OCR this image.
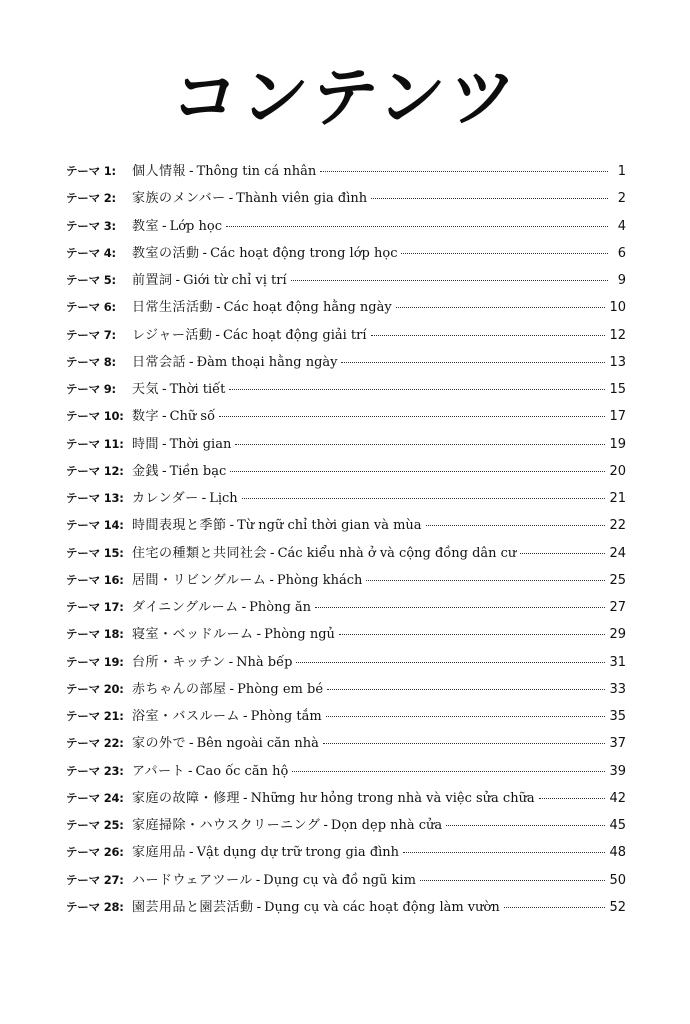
コンテンツ
テーマ 1:	個人情報 - Thông tin cá nhân	1
テーマ 2:	家族のメンバー - Thành viên gia đình	2
テーマ 3:	教室 - Lớp học	4
テーマ 4:	教室の活動 - Các hoạt động trong lớp học	6
テーマ 5:	前置詞 - Giới từ chỉ vị trí	9
テーマ 6:	日常生活活動 - Các hoạt động hằng ngày	10
テーマ 7:	レジャー活動 - Các hoạt động giải trí	12
テーマ 8:	日常会話 - Đàm thoại hằng ngày	13
テーマ 9:	天気 - Thời tiết	15
テーマ 10: 数字 - Chữ số	17
テーマ 11: 時間 - Thời gian	19
テーマ 12: 金銭 - Tiền bạc	20
テーマ 13: カレンダー - Lịch	21
テーマ 14: 時間表現と季節 - Từ ngữ chỉ thời gian và mùa	22
テーマ 15: 住宅の種類と共同社会 - Các kiểu nhà ở và cộng đồng dân cư	24
テーマ 16: 居間・リビングルーム - Phòng khách	25
テーマ 17: ダイニングルーム - Phòng ăn	27
テーマ 18: 寝室・ベッドルーム - Phòng ngủ	29
テーマ 19: 台所・キッチン - Nhà bếp	31
テーマ 20: 赤ちゃんの部屋 - Phòng em bé	33
テーマ 21: 浴室・バスルーム - Phòng tắm	35
テーマ 22: 家の外で - Bên ngoài căn nhà	37
テーマ 23: アパート - Cao ốc căn hộ	39
テーマ 24: 家庭の故障・修理 - Những hư hỏng trong nhà và việc sửa chữa	42
テーマ 25: 家庭掃除・ハウスクリーニング - Dọn dẹp nhà cửa	45
テーマ 26: 家庭用品 - Vật dụng dự trữ trong gia đình	48
テーマ 27: ハードウェアツール - Dụng cụ và đồ ngũ kim	50
テーマ 28: 園芸用品と園芸活動 - Dụng cụ và các hoạt động làm vườn	52
